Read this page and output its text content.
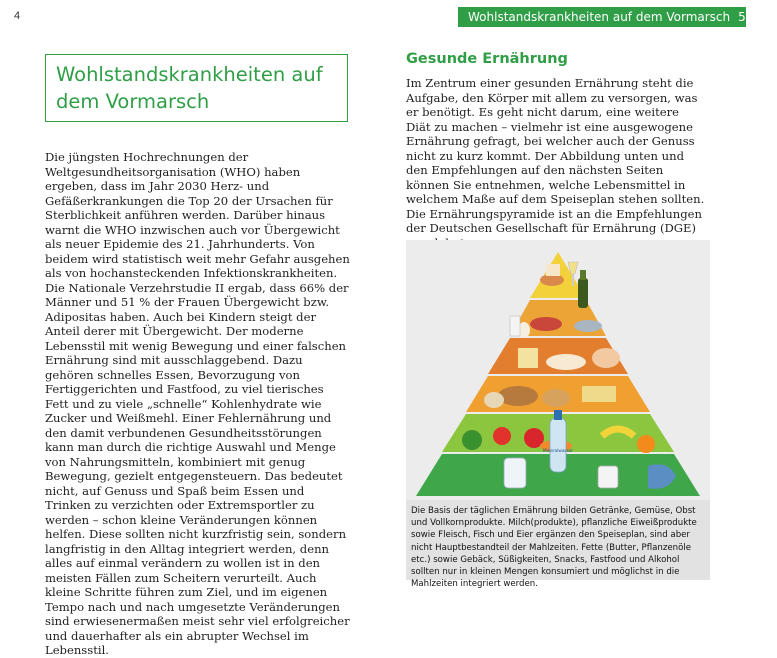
4	Wohlstandskrankheiten auf dem Vormarsch 5
Wohlstandskrankheiten auf dem Vormarsch

Die jüngsten Hochrechnungen der Weltgesundheitsorganisation (WHO) haben ergeben, dass im Jahr 2030 Herz- und Gefäßerkrankungen die Top 20 der Ursachen für Sterblichkeit anführen werden. Darüber hinaus warnt die WHO inzwischen auch vor Übergewicht als neuer Epidemie des 21. Jahrhunderts. Von beidem wird statistisch weit mehr Gefahr ausgehen als von hochansteckenden Infektionskrankheiten.

Die Nationale Verzehrstudie II ergab, dass 66% der Männer und 51 % der Frauen Übergewicht bzw. Adipositas haben. Auch bei Kindern steigt der Anteil derer mit Übergewicht. Der moderne Lebensstil mit wenig Bewegung und einer falschen Ernährung sind mit ausschlaggebend. Dazu gehören schnelles Essen, Bevorzugung von Fertiggerichten und Fastfood, zu viel tierisches Fett und zu viele „schnelle“ Kohlenhydrate wie Zucker und Weißmehl. Einer Fehlernährung und den damit verbundenen Gesundheitsstörungen kann man durch die richtige Auswahl und Menge von Nahrungsmitteln, kombiniert mit genug Bewegung, gezielt entgegensteuern. Das bedeutet nicht, auf Genuss und Spaß beim Essen und Trinken zu verzichten oder Extremsportler zu werden – schon kleine Veränderungen können helfen. Diese sollten nicht kurzfristig sein, sondern langfristig in den Alltag integriert werden, denn alles auf einmal verändern zu wollen ist in den meisten Fällen zum Scheitern verurteilt. Auch kleine Schritte führen zum Ziel, und im eigenen Tempo nach und nach umgesetzte Veränderungen sind erwiesenermaßen meist sehr viel erfolgreicher und dauerhafter als ein abrupter Wechsel im Lebensstil.

Gesunde Ernährung
Im Zentrum einer gesunden Ernährung steht die Aufgabe, den Körper mit allem zu versorgen, was er benötigt. Es geht nicht darum, eine weitere Diät zu machen – vielmehr ist eine ausgewogene Ernährung gefragt, bei welcher auch der Genuss nicht zu kurz kommt. Der Abbildung unten und den Empfehlungen auf den nächsten Seiten können Sie entnehmen, welche Lebensmittel in welchem Maße auf dem Speiseplan stehen sollten. Die Ernährungspyramide ist an die Empfehlungen der Deutschen Gesellschaft für Ernährung (DGE)
Mineralwasser
Die Basis der täglichen Ernährung bilden Getränke, Gemüse, Obst und Vollkornprodukte. Milch(produkte), pflanzliche Eiweißprodukte sowie Fleisch, Fisch und Eier ergänzen den Speiseplan, sind aber nicht Hauptbestandteil der Mahlzeiten. Fette (Butter, Pflanzenöle etc.) sowie Gebäck, Süßigkeiten, Snacks, Fastfood und Alkohol sollten nur in kleinen Mengen konsumiert und möglichst in die Mahlzeiten integriert werden.
